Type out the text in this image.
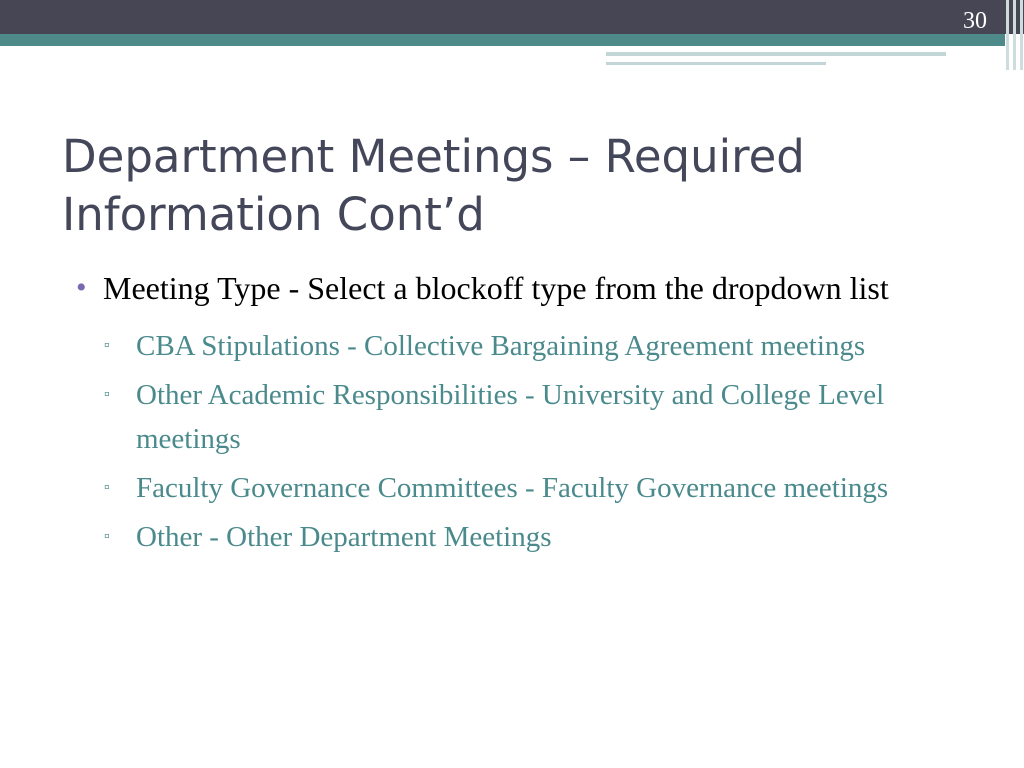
30
Department Meetings – Required
Information Cont’d
• Meeting Type - Select a blockoff type from the dropdown list
▫ CBA Stipulations - Collective Bargaining Agreement meetings
▫ Other Academic Responsibilities - University and College Level meetings
▫ Faculty Governance Committees - Faculty Governance meetings
▫ Other - Other Department Meetings
